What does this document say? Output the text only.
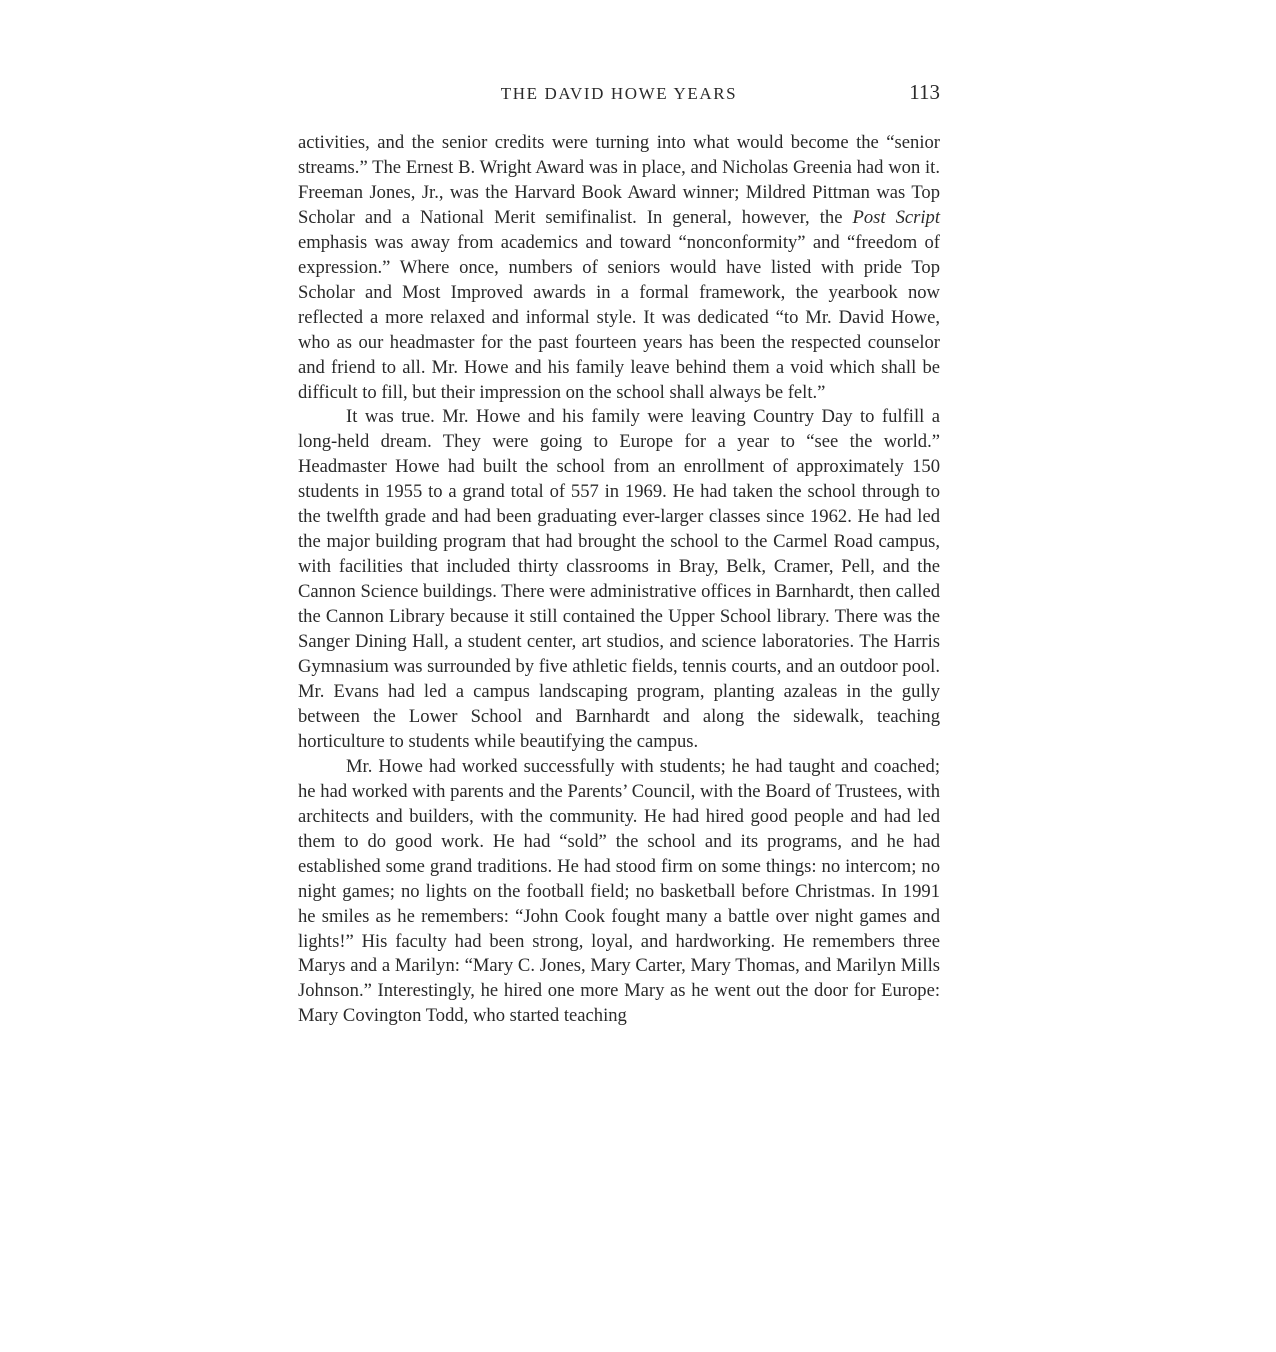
THE DAVID HOWE YEARS	113

activities, and the senior credits were turning into what would become the “senior streams.” The Ernest B. Wright Award was in place, and Nicholas Greenia had won it. Freeman Jones, Jr., was the Harvard Book Award winner; Mildred Pittman was Top Scholar and a National Merit semifinalist. In general, however, the Post Script emphasis was away from academics and toward “nonconformity” and “freedom of expression.” Where once, numbers of seniors would have listed with pride Top Scholar and Most Improved awards in a formal framework, the yearbook now reflected a more relaxed and informal style. It was dedicated “to Mr. David Howe, who as our headmaster for the past fourteen years has been the respected counselor and friend to all. Mr. Howe and his family leave behind them a void which shall be difficult to fill, but their impression on the school shall always be felt.”

It was true. Mr. Howe and his family were leaving Country Day to fulfill a long-held dream. They were going to Europe for a year to “see the world.” Headmaster Howe had built the school from an enrollment of approximately 150 students in 1955 to a grand total of 557 in 1969. He had taken the school through to the twelfth grade and had been graduating ever-larger classes since 1962. He had led the major building program that had brought the school to the Carmel Road campus, with facilities that included thirty classrooms in Bray, Belk, Cramer, Pell, and the Cannon Science buildings. There were administrative offices in Barnhardt, then called the Cannon Library because it still contained the Upper School library. There was the Sanger Dining Hall, a student center, art studios, and science laboratories. The Harris Gymnasium was surrounded by five athletic fields, tennis courts, and an outdoor pool. Mr. Evans had led a campus landscaping program, planting azaleas in the gully between the Lower School and Barnhardt and along the sidewalk, teaching horticulture to students while beautifying the campus.

Mr. Howe had worked successfully with students; he had taught and coached; he had worked with parents and the Parents’ Council, with the Board of Trustees, with architects and builders, with the community. He had hired good people and had led them to do good work. He had “sold” the school and its programs, and he had established some grand traditions. He had stood firm on some things: no intercom; no night games; no lights on the football field; no basketball before Christmas. In 1991 he smiles as he remembers: “John Cook fought many a battle over night games and lights!” His faculty had been strong, loyal, and hardworking. He remembers three Marys and a Marilyn: “Mary C. Jones, Mary Carter, Mary Thomas, and Marilyn Mills Johnson.” Interestingly, he hired one more Mary as he went out the door for Europe: Mary Covington Todd, who started teaching
